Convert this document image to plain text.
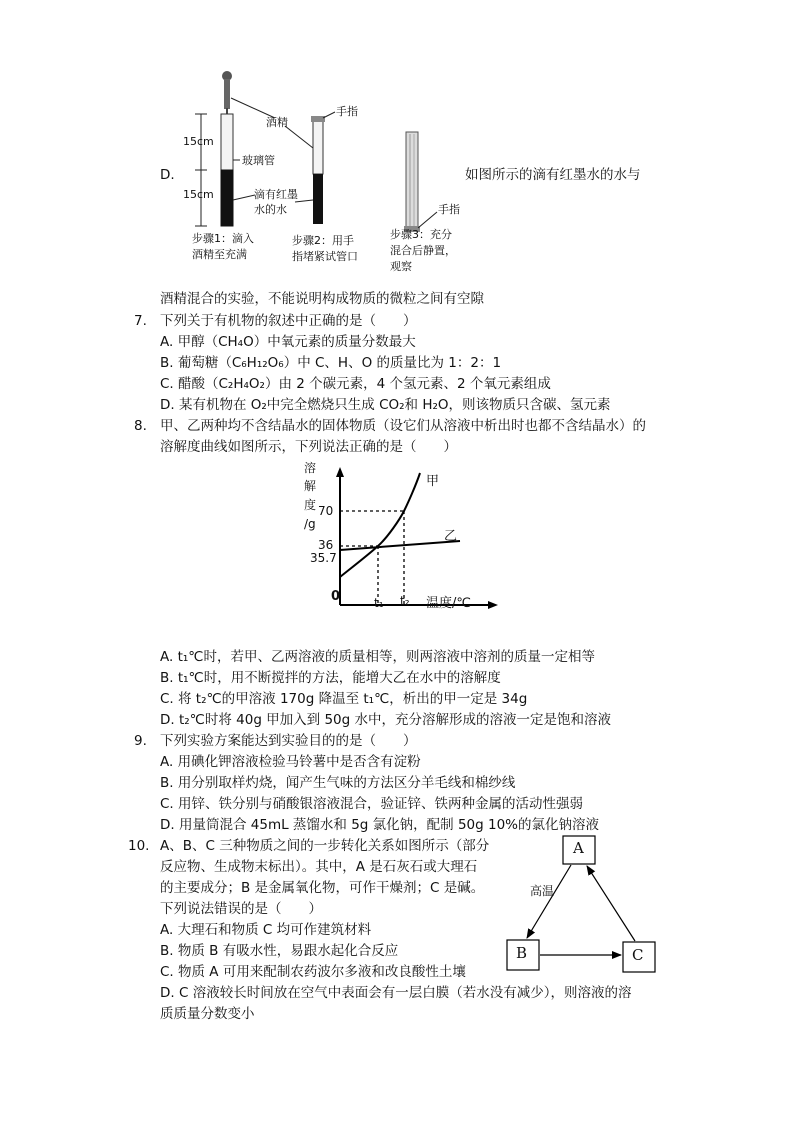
D.
酒精
手指
15cm
15cm
玻璃管
滴有红墨
水的水	手指
步骤1：滴入
酒精至充满
步骤2：用手
指堵紧试管口
步骤3：充分
混合后静置，
观察
如图所示的滴有红墨水的水与
酒精混合的实验，不能说明构成物质的微粒之间有空隙
7. 下列关于有机物的叙述中正确的是（　　）
A. 甲醇（CH₄O）中氧元素的质量分数最大
B. 葡萄糖（C₆H₁₂O₆）中 C、H、O 的质量比为 1：2：1
C. 醋酸（C₂H₄O₂）由 2 个碳元素，4 个氢元素、2 个氧元素组成
D. 某有机物在 O₂中完全燃烧只生成 CO₂和 H₂O，则该物质只含碳、氢元素
8. 甲、乙两种均不含结晶水的固体物质（设它们从溶液中析出时也都不含结晶水）的
溶解度曲线如图所示，下列说法正确的是（　　）
溶
解
度
/g
70
36
35.7
0	t₁ t₂ 温度/℃
甲
乙
A. t₁℃时，若甲、乙两溶液的质量相等，则两溶液中溶剂的质量一定相等
B. t₁℃时，用不断搅拌的方法，能增大乙在水中的溶解度
C. 将 t₂℃的甲溶液 170g 降温至 t₁℃，析出的甲一定是 34g
D. t₂℃时将 40g 甲加入到 50g 水中，充分溶解形成的溶液一定是饱和溶液
9. 下列实验方案能达到实验目的的是（　　）
A. 用碘化钾溶液检验马铃薯中是否含有淀粉
B. 用分别取样灼烧，闻产生气味的方法区分羊毛线和棉纱线
C. 用锌、铁分别与硝酸银溶液混合，验证锌、铁两种金属的活动性强弱
D. 用量筒混合 45mL 蒸馏水和 5g 氯化钠，配制 50g 10%的氯化钠溶液
10. A、B、C 三种物质之间的一步转化关系如图所示（部分
反应物、生成物末标出）。其中，A 是石灰石或大理石
的主要成分；B 是金属氧化物，可作干燥剂；C 是碱。
下列说法错误的是（　　）
A. 大理石和物质 C 均可作建筑材料
B. 物质 B 有吸水性，易跟水起化合反应
C. 物质 A 可用来配制农药波尔多液和改良酸性土壤
D. C 溶液较长时间放在空气中表面会有一层白膜（若水没有减少），则溶液的溶
质质量分数变小
A
B	C
高温
